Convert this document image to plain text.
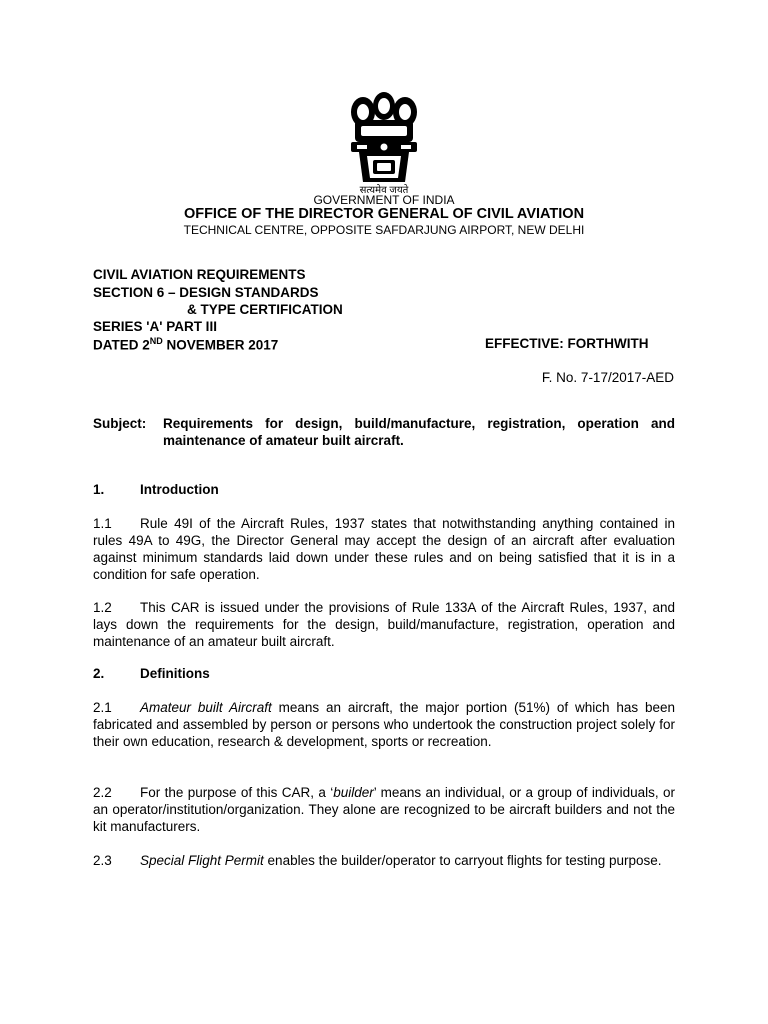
सत्यमेव जयते
GOVERNMENT OF INDIA
OFFICE OF THE DIRECTOR GENERAL OF CIVIL AVIATION
TECHNICAL CENTRE, OPPOSITE SAFDARJUNG AIRPORT, NEW DELHI
CIVIL AVIATION REQUIREMENTS
SECTION 6 – DESIGN STANDARDS
& TYPE CERTIFICATION
SERIES 'A' PART III
DATED 2ND NOVEMBER 2017	EFFECTIVE: FORTHWITH
F. No. 7-17/2017-AED
Subject: Requirements for design, build/manufacture, registration, operation and maintenance of amateur built aircraft.
1.	Introduction
1.1 Rule 49I of the Aircraft Rules, 1937 states that notwithstanding anything contained in rules 49A to 49G, the Director General may accept the design of an aircraft after evaluation against minimum standards laid down under these rules and on being satisfied that it is in a condition for safe operation.
1.2 This CAR is issued under the provisions of Rule 133A of the Aircraft Rules, 1937, and lays down the requirements for the design, build/manufacture, registration, operation and maintenance of an amateur built aircraft.
2.	Definitions
2.1 Amateur built Aircraft means an aircraft, the major portion (51%) of which has been fabricated and assembled by person or persons who undertook the construction project solely for their own education, research & development, sports or recreation.
2.2 For the purpose of this CAR, a ‘builder’ means an individual, or a group of individuals, or an operator/institution/organization. They alone are recognized to be aircraft builders and not the kit manufacturers.
2.3 Special Flight Permit enables the builder/operator to carryout flights for testing purpose.
